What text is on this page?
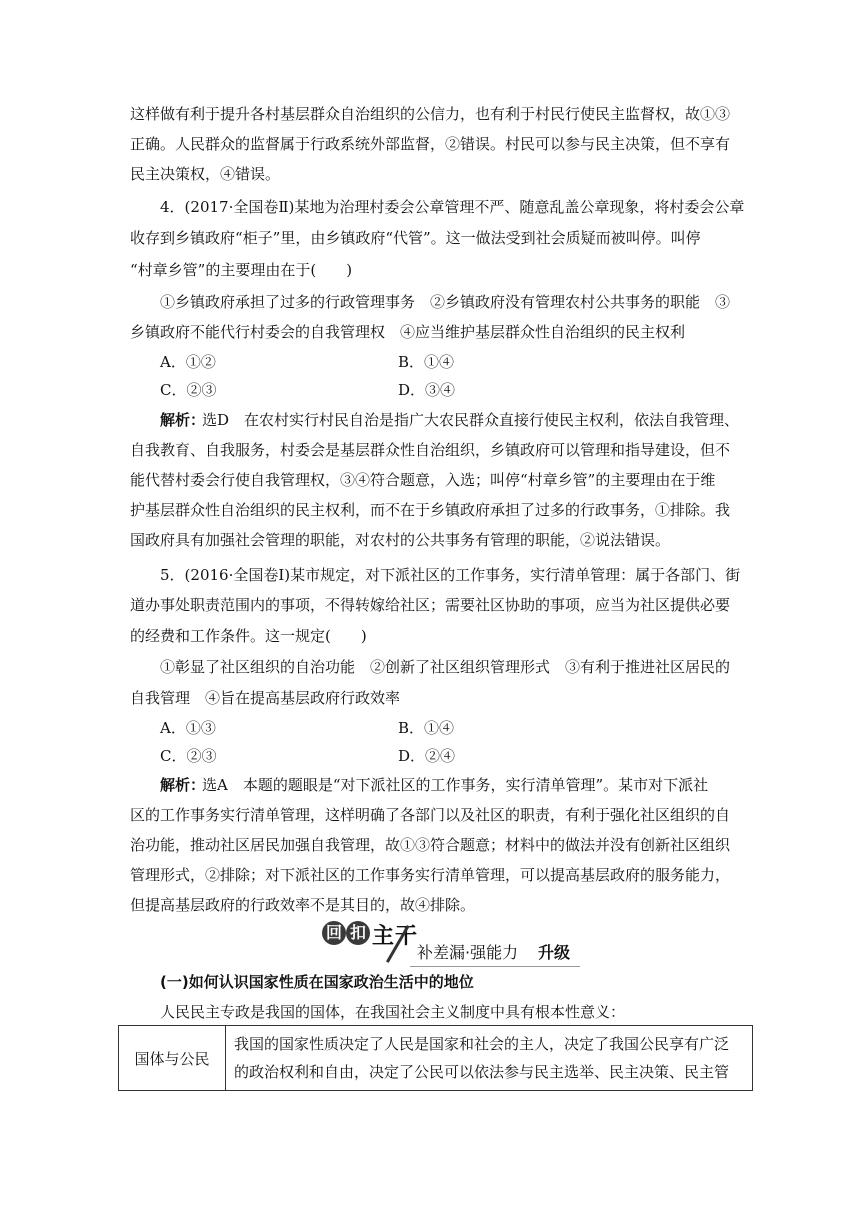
这样做有利于提升各村基层群众自治组织的公信力，也有利于村民行使民主监督权，故①③
正确。人民群众的监督属于行政系统外部监督，②错误。村民可以参与民主决策，但不享有
民主决策权，④错误。
4．(2017·全国卷Ⅱ)某地为治理村委会公章管理不严、随意乱盖公章现象，将村委会公章
收存到乡镇政府“柜子”里，由乡镇政府“代管”。这一做法受到社会质疑而被叫停。叫停
“村章乡管”的主要理由在于(　　)
①乡镇政府承担了过多的行政管理事务　②乡镇政府没有管理农村公共事务的职能　③
乡镇政府不能代行村委会的自我管理权　④应当维护基层群众性自治组织的民主权利
A．①②	B．①④
C．②③	D．③④
解析：
选D　在农村实行村民自治是指广大农民群众直接行使民主权利，依法自我管理、
自我教育、自我服务，村委会是基层群众性自治组织，乡镇政府可以管理和指导建设，但不
能代替村委会行使自我管理权，③④符合题意，入选；叫停“村章乡管”的主要理由在于维
护基层群众性自治组织的民主权利，而不在于乡镇政府承担了过多的行政事务，①排除。我
国政府具有加强社会管理的职能，对农村的公共事务有管理的职能，②说法错误。
5．(2016·全国卷Ⅰ)某市规定，对下派社区的工作事务，实行清单管理：属于各部门、街
道办事处职责范围内的事项，不得转嫁给社区；需要社区协助的事项，应当为社区提供必要
的经费和工作条件。这一规定(　　)
①彰显了社区组织的自治功能　②创新了社区组织管理形式　③有利于推进社区居民的
自我管理　④旨在提高基层政府行政效率
A．①③	B．①④
C．②③	D．②④
解析：
选A　本题的题眼是“对下派社区的工作事务，实行清单管理”。某市对下派社
区的工作事务实行清单管理，这样明确了各部门以及社区的职责，有利于强化社区组织的自
治功能，推动社区居民加强自我管理，故①③符合题意；材料中的做法并没有创新社区组织
管理形式，②排除；对下派社区的工作事务实行清单管理，可以提高基层政府的服务能力，
但提高基层政府的行政效率不是其目的，故④排除。
回 扣 主干
补差漏·强能力 升级
(一)如何认识国家性质在国家政治生活中的地位
人民民主专政是我国的国体，在我国社会主义制度中具有根本性意义：
国体与公民	
我国的国家性质决定了人民是国家和社会的主人，决定了我国公民享有广泛
的政治权利和自由，决定了公民可以依法参与民主选举、民主决策、民主管
